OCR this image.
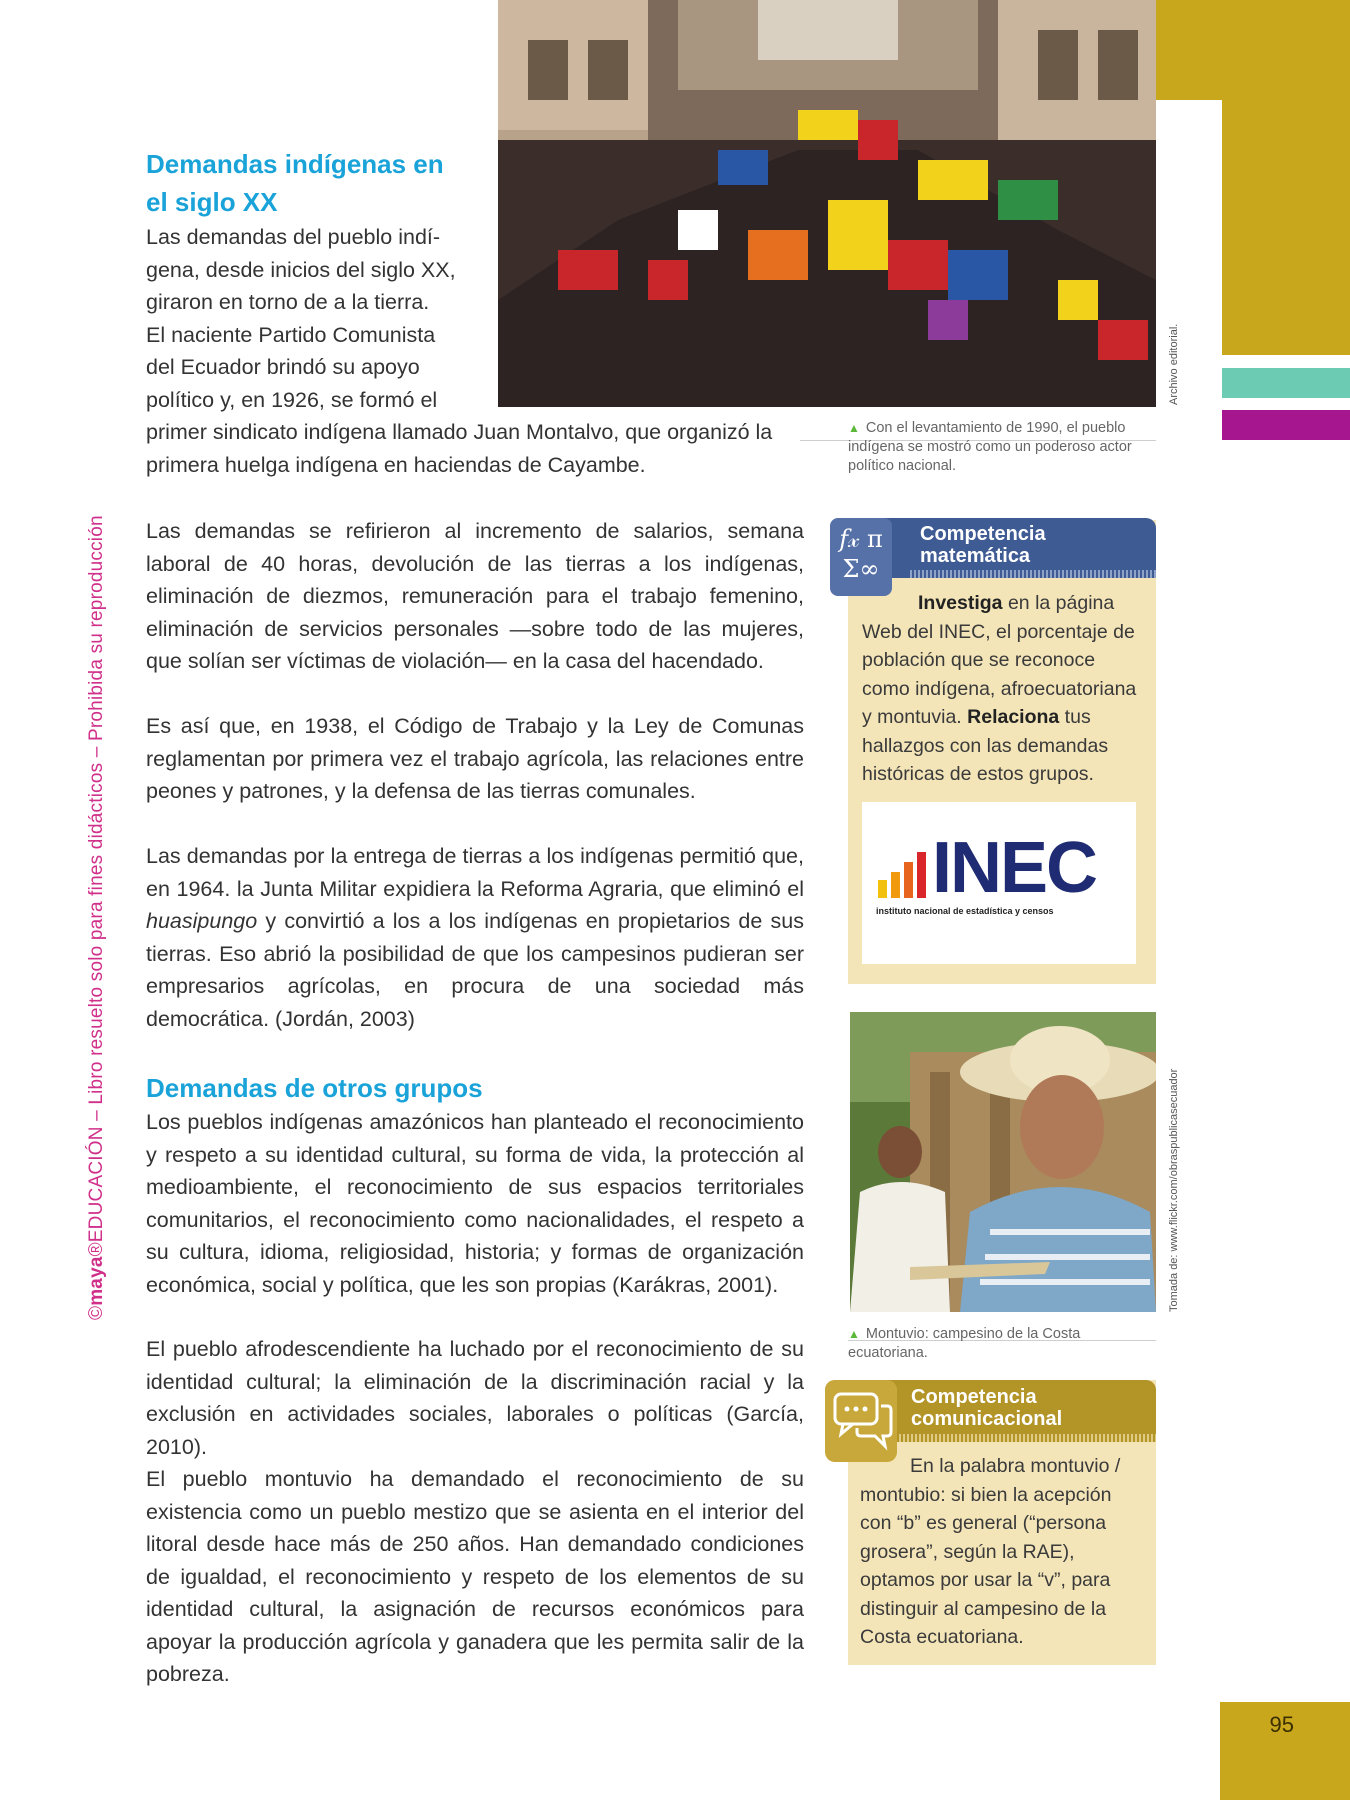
©maya®EDUCACIÓN – Libro resuelto solo para fines didácticos – Prohibida su reproducción
Archivo editorial.
▲ Con el levantamiento de 1990, el pueblo indígena se mostró como un poderoso actor político nacional.
Demandas indígenas en
el siglo XX
Las demandas del pueblo indí-
gena, desde inicios del siglo XX,
giraron en torno de a la tierra.
El naciente Partido Comunista
del Ecuador brindó su apoyo
político y, en 1926, se formó el
primer sindicato indígena llamado Juan Montalvo, que organizó la
primera huelga indígena en haciendas de Cayambe.
Las demandas se refirieron al incremento de salarios, semana laboral de 40 horas, devolución de las tierras a los indígenas, eliminación de diezmos, remuneración para el trabajo femenino, eliminación de servicios personales —sobre todo de las mujeres, que solían ser víctimas de violación— en la casa del hacendado.
Es así que, en 1938, el Código de Trabajo y la Ley de Comunas reglamentan por primera vez el trabajo agrícola, las relaciones entre peones y patrones, y la defensa de las tierras comunales.
Las demandas por la entrega de tierras a los indígenas permitió que, en 1964. la Junta Militar expidiera la Reforma Agraria, que eliminó el huasipungo y convirtió a los a los indígenas en propietarios de sus tierras. Eso abrió la posibilidad de que los campesinos pudieran ser empresarios agrícolas, en procura de una sociedad más democrática. (Jordán, 2003)
Demandas de otros grupos
Los pueblos indígenas amazónicos han planteado el reconocimiento y respeto a su identidad cultural, su forma de vida, la protección al medioambiente, el reconocimiento de sus espacios territoriales comunitarios, el reconocimiento como nacionalidades, el respeto a su cultura, idioma, religiosidad, historia; y formas de organización económica, social y política, que les son propias (Karákras, 2001).
El pueblo afrodescendiente ha luchado por el reconocimiento de su identidad cultural; la eliminación de la discriminación racial y la exclusión en actividades sociales, laborales o políticas (García, 2010).
El pueblo montuvio ha demandado el reconocimiento de su existencia como un pueblo mestizo que se asienta en el interior del litoral desde hace más de 250 años. Han demandado condiciones de igualdad, el reconocimiento y respeto de los elementos de su identidad cultural, la asignación de recursos económicos para apoyar la producción agrícola y ganadera que les permita salir de la pobreza.
𝑓𝓍 π
Σ∞
Competencia
matemática
Investiga en la página Web del INEC, el porcentaje de población que se reconoce como indígena, afroecuatoriana y montuvia. Relaciona tus hallazgos con las demandas históricas de estos grupos.
INEC
instituto nacional de estadística y censos
Tomada de: www.flickr.com/obraspublicasecuador
▲ Montuvio: campesino de la Costa ecuatoriana.
Competencia
comunicacional
En la palabra montuvio / montubio: si bien la acepción con “b” es general (“persona grosera”, según la RAE), optamos por usar la “v”, para distinguir al campesino de la Costa ecuatoriana.
95
